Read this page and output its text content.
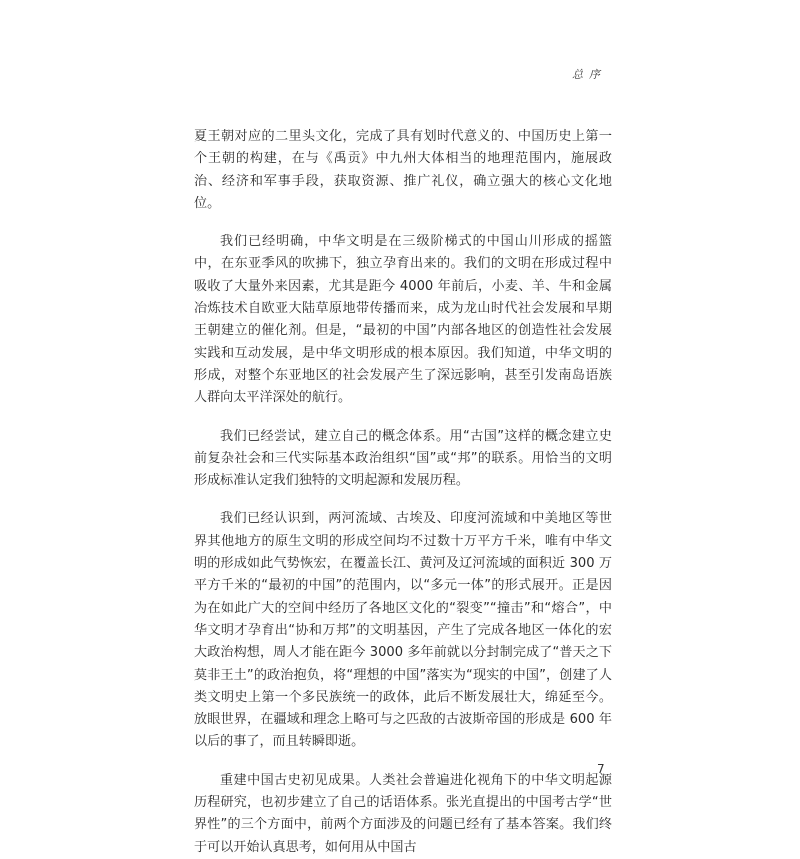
总序

夏王朝对应的二里头文化，完成了具有划时代意义的、中国历史上第一个王朝的构建，在与《禹贡》中九州大体相当的地理范围内，施展政治、经济和军事手段，获取资源、推广礼仪，确立强大的核心文化地位。

我们已经明确，中华文明是在三级阶梯式的中国山川形成的摇篮中，在东亚季风的吹拂下，独立孕育出来的。我们的文明在形成过程中吸收了大量外来因素，尤其是距今 4000 年前后，小麦、羊、牛和金属冶炼技术自欧亚大陆草原地带传播而来，成为龙山时代社会发展和早期王朝建立的催化剂。但是，“最初的中国”内部各地区的创造性社会发展实践和互动发展，是中华文明形成的根本原因。我们知道，中华文明的形成，对整个东亚地区的社会发展产生了深远影响，甚至引发南岛语族人群向太平洋深处的航行。

我们已经尝试，建立自己的概念体系。用“古国”这样的概念建立史前复杂社会和三代实际基本政治组织“国”或“邦”的联系。用恰当的文明形成标准认定我们独特的文明起源和发展历程。

我们已经认识到，两河流域、古埃及、印度河流域和中美地区等世界其他地方的原生文明的形成空间均不过数十万平方千米，唯有中华文明的形成如此气势恢宏，在覆盖长江、黄河及辽河流域的面积近 300 万平方千米的“最初的中国”的范围内，以“多元一体”的形式展开。正是因为在如此广大的空间中经历了各地区文化的“裂变”“撞击”和“熔合”，中华文明才孕育出“协和万邦”的文明基因，产生了完成各地区一体化的宏大政治构想，周人才能在距今 3000 多年前就以分封制完成了“普天之下莫非王土”的政治抱负，将“理想的中国”落实为“现实的中国”，创建了人类文明史上第一个多民族统一的政体，此后不断发展壮大，绵延至今。放眼世界，在疆域和理念上略可与之匹敌的古波斯帝国的形成是 600 年以后的事了，而且转瞬即逝。

重建中国古史初见成果。人类社会普遍进化视角下的中华文明起源历程研究，也初步建立了自己的话语体系。张光直提出的中国考古学“世界性”的三个方面中，前两个方面涉及的问题已经有了基本答案。我们终于可以开始认真思考，如何用从中国古

7
